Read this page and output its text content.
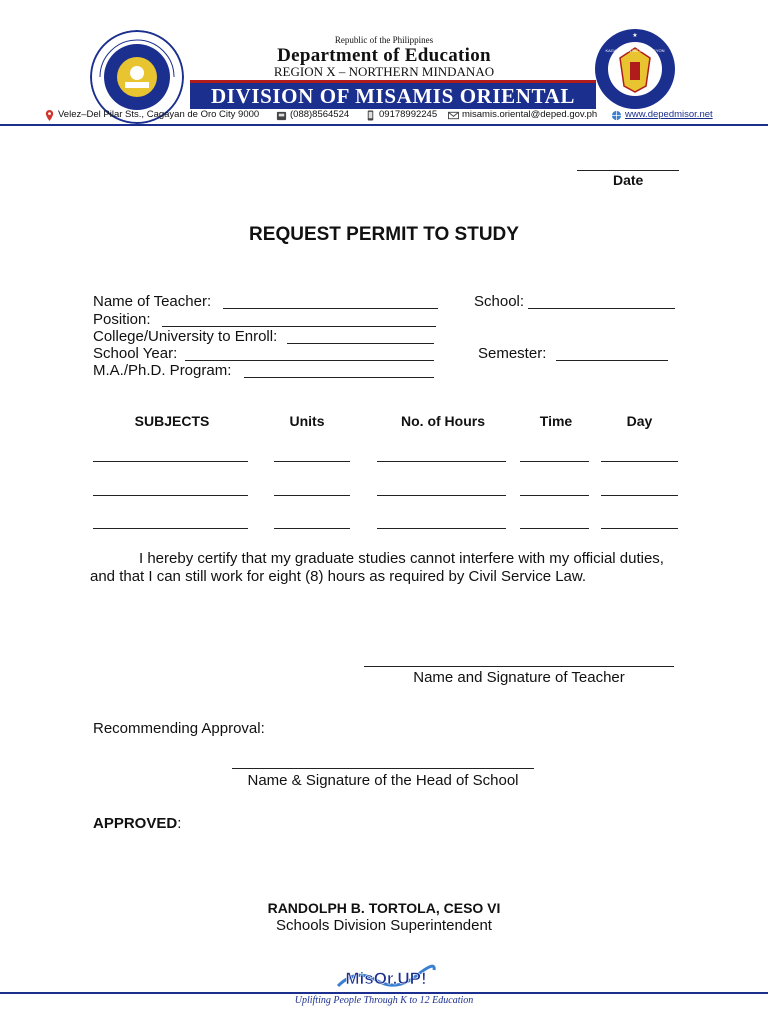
Republic of the Philippines
Department of Education
REGION X – NORTHERN MINDANAO
DIVISION OF MISAMIS ORIENTAL
★
KAGAWARAN NG EDUKASYON
Velez–Del Pilar Sts., Cagayan de Oro City 9000	(088)8564524	09178992245	misamis.oriental@deped.gov.ph	www.depedmisor.net
Date
REQUEST PERMIT TO STUDY
Name of Teacher:	School:
Position:
College/University to Enroll:
School Year:	Semester:
M.A./Ph.D. Program:
SUBJECTS	Units	No. of Hours	Time	Day
I hereby certify that my graduate studies cannot interfere with my official duties,
and that I can still work for eight (8) hours as required by Civil Service Law.
Name and Signature of Teacher
Recommending Approval:
Name & Signature of the Head of School
APPROVED:
RANDOLPH B. TORTOLA, CESO VI
Schools Division Superintendent
MisOr.UP!
Uplifting People Through K to 12 Education
